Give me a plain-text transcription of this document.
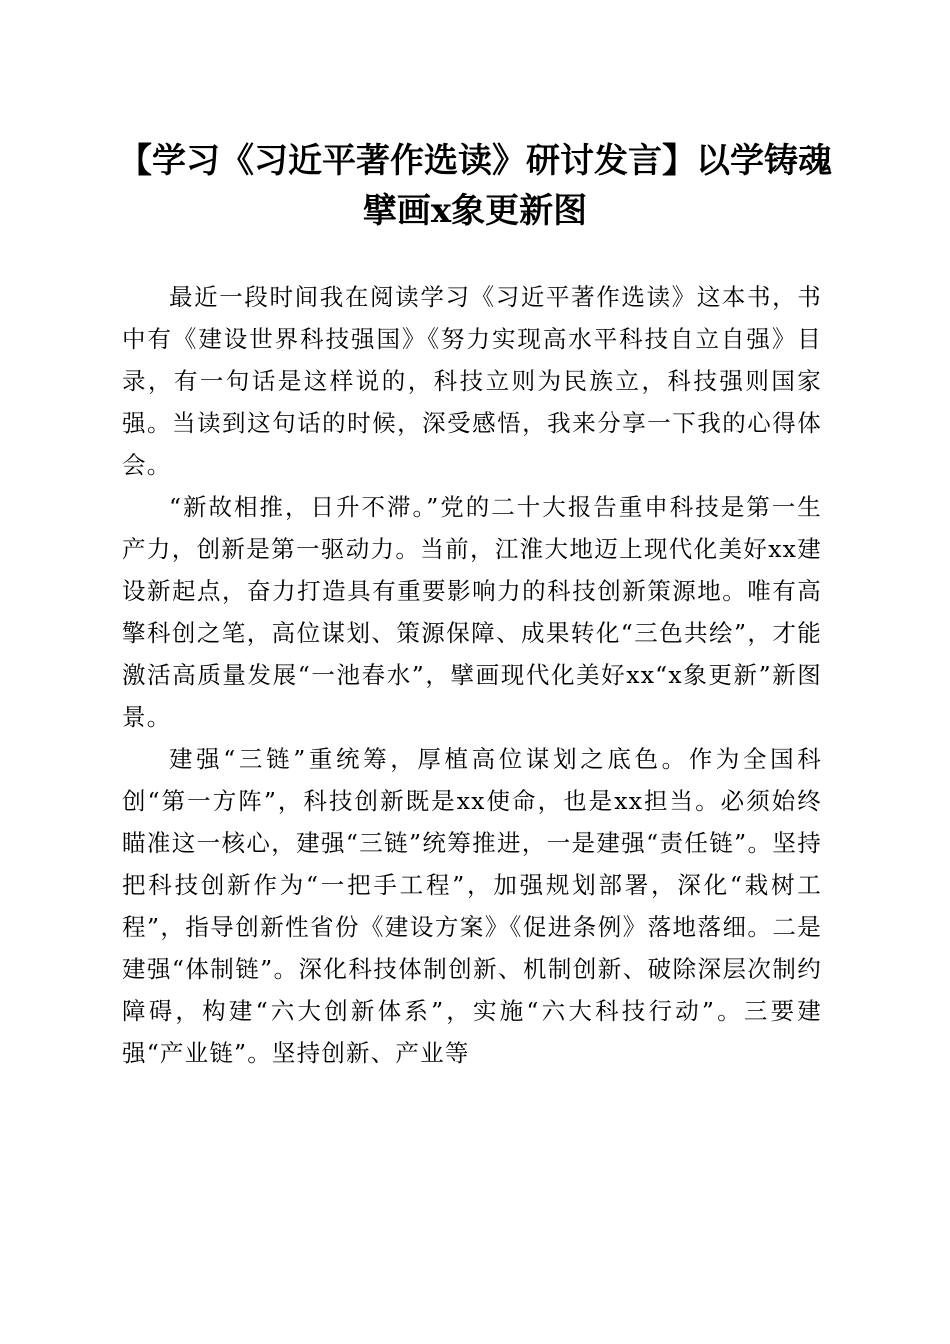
【学习《习近平著作选读》研讨发言】以学铸魂擘画x象更新图

最近一段时间我在阅读学习《习近平著作选读》这本书，书中有《建设世界科技强国》《努力实现高水平科技自立自强》目录，有一句话是这样说的，科技立则为民族立，科技强则国家强。当读到这句话的时候，深受感悟，我来分享一下我的心得体会。

“新故相推，日升不滞。”党的二十大报告重申科技是第一生产力，创新是第一驱动力。当前，江淮大地迈上现代化美好xx建设新起点，奋力打造具有重要影响力的科技创新策源地。唯有高擎科创之笔，高位谋划、策源保障、成果转化“三色共绘”，才能激活高质量发展“一池春水”，擘画现代化美好xx“x象更新”新图景。

建强“三链”重统筹，厚植高位谋划之底色。作为全国科创“第一方阵”，科技创新既是xx使命，也是xx担当。必须始终瞄准这一核心，建强“三链”统筹推进，一是建强“责任链”。坚持把科技创新作为“一把手工程”，加强规划部署，深化“栽树工程”，指导创新性省份《建设方案》《促进条例》落地落细。二是建强“体制链”。深化科技体制创新、机制创新、破除深层次制约障碍，构建“六大创新体系”，实施“六大科技行动”。三要建强“产业链”。坚持创新、产业等
